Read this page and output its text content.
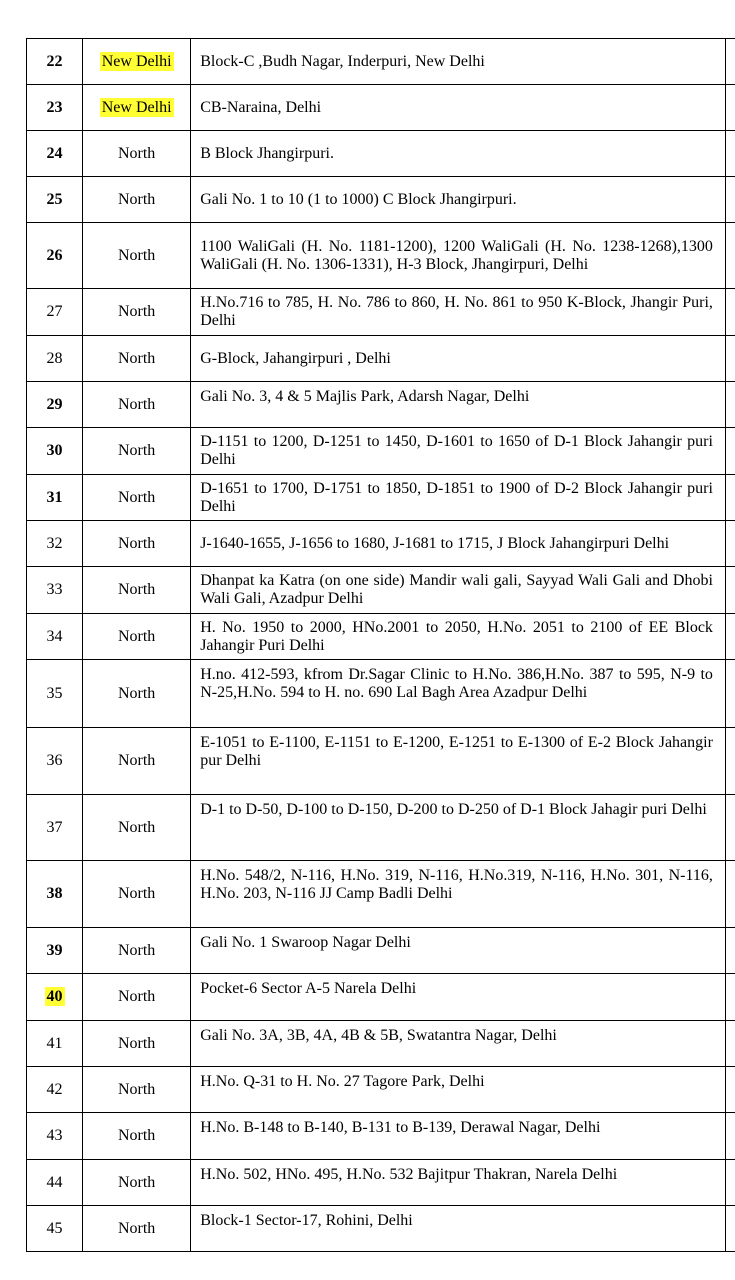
22	New Delhi	Block-C ,Budh Nagar, Inderpuri, New Delhi	
23	New Delhi	CB-Naraina, Delhi	
24	North	B Block Jhangirpuri.	
25	North	Gali No. 1 to 10 (1 to 1000) C Block Jhangirpuri.	
26	North	1100 WaliGali (H. No. 1181-1200), 1200 WaliGali (H. No. 1238-1268),1300 WaliGali (H. No. 1306-1331), H-3 Block, Jhangirpuri, Delhi	
27	North	H.No.716 to 785, H. No. 786 to 860, H. No. 861 to 950 K-Block, Jhangir Puri, Delhi	
28	North	G-Block, Jahangirpuri , Delhi	
29	North	Gali No. 3, 4 & 5 Majlis Park, Adarsh Nagar, Delhi	
30	North	D-1151 to 1200, D-1251 to 1450, D-1601 to 1650 of D-1 Block Jahangir puri Delhi	
31	North	D-1651 to 1700, D-1751 to 1850, D-1851 to 1900 of D-2 Block Jahangir puri Delhi	
32	North	J-1640-1655, J-1656 to 1680, J-1681 to 1715, J Block Jahangirpuri Delhi	
33	North	Dhanpat ka Katra (on one side) Mandir wali gali, Sayyad Wali Gali and Dhobi Wali Gali, Azadpur Delhi	
34	North	H. No. 1950 to 2000, HNo.2001 to 2050, H.No. 2051 to 2100 of EE Block Jahangir Puri Delhi	
35	North	H.no. 412-593, kfrom Dr.Sagar Clinic to H.No. 386,H.No. 387 to 595, N-9 to N-25,H.No. 594 to H. no. 690 Lal Bagh Area Azadpur Delhi	
36	North	E-1051 to E-1100, E-1151 to E-1200, E-1251 to E-1300 of E-2 Block Jahangir pur Delhi	
37	North	D-1 to D-50, D-100 to D-150, D-200 to D-250 of D-1 Block Jahagir puri Delhi	
38	North	H.No. 548/2, N-116, H.No. 319, N-116, H.No.319, N-116, H.No. 301, N-116, H.No. 203, N-116 JJ Camp Badli Delhi	
39	North	Gali No. 1 Swaroop Nagar Delhi	
40	North	Pocket-6 Sector A-5 Narela Delhi	
41	North	Gali No. 3A, 3B, 4A, 4B & 5B, Swatantra Nagar, Delhi	
42	North	H.No. Q-31 to H. No. 27 Tagore Park, Delhi	
43	North	H.No. B-148 to B-140, B-131 to B-139, Derawal Nagar, Delhi	
44	North	H.No. 502, HNo. 495, H.No. 532 Bajitpur Thakran, Narela Delhi	
45	North	Block-1 Sector-17, Rohini, Delhi	
